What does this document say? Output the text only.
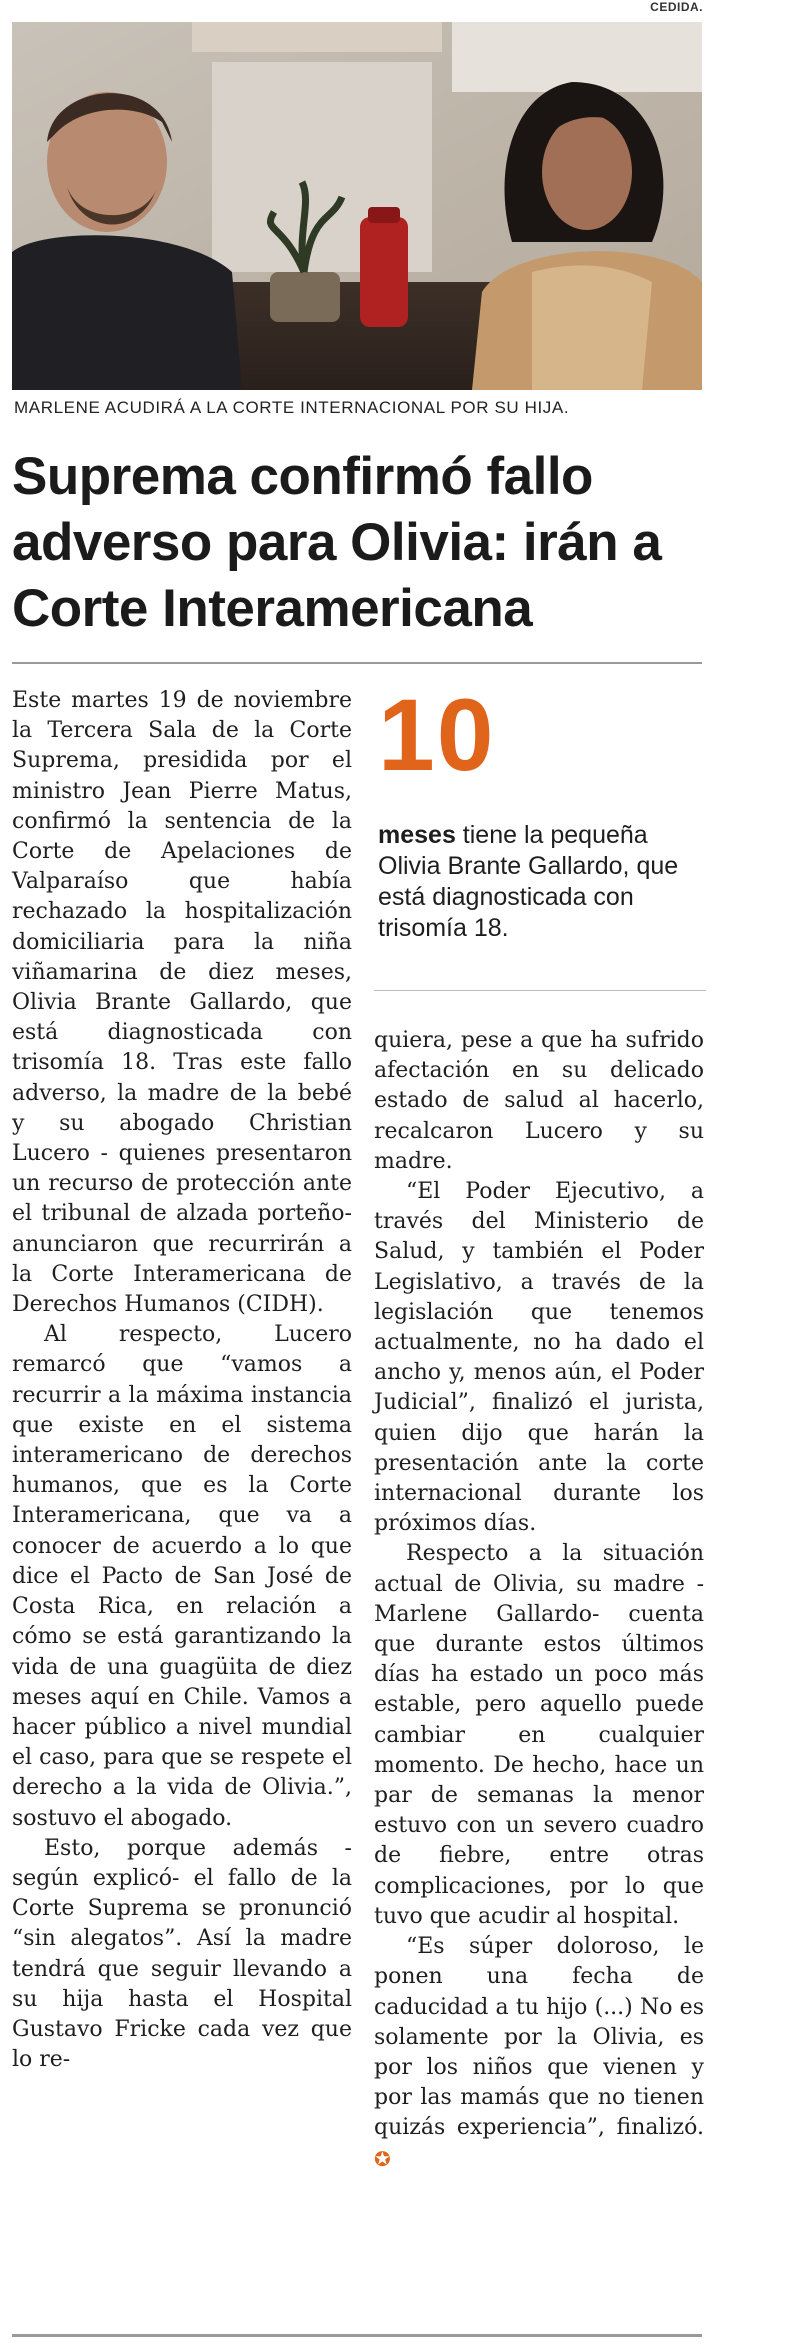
CEDIDA.
MARLENE ACUDIRÁ A LA CORTE INTERNACIONAL POR SU HIJA.
Suprema confirmó fallo adverso para Olivia: irán a Corte Interamericana

Este martes 19 de noviembre la Tercera Sala de la Corte Suprema, presidida por el ministro Jean Pierre Matus, confirmó la sentencia de la Corte de Apelaciones de Valparaíso que había rechazado la hospitalización domiciliaria para la niña viñamarina de diez meses, Olivia Brante Gallardo, que está diagnosticada con trisomía 18. Tras este fallo adverso, la madre de la bebé y su abogado Christian Lucero - quienes presentaron un recurso de protección ante el tribunal de alzada porteño- anunciaron que recurrirán a la Corte Interamericana de Derechos Humanos (CIDH).

Al respecto, Lucero remarcó que “vamos a recurrir a la máxima instancia que existe en el sistema interamericano de derechos humanos, que es la Corte Interamericana, que va a conocer de acuerdo a lo que dice el Pacto de San José de Costa Rica, en relación a cómo se está garantizando la vida de una guagüita de diez meses aquí en Chile. Vamos a hacer público a nivel mundial el caso, para que se respete el derecho a la vida de Olivia.”, sostuvo el abogado.

Esto, porque además -según explicó- el fallo de la Corte Suprema se pronunció “sin alegatos”. Así la madre tendrá que seguir llevando a su hija hasta el Hospital Gustavo Fricke cada vez que lo re-

10
meses tiene la pequeña Olivia Brante Gallardo, que está diagnosticada con trisomía 18.

quiera, pese a que ha sufrido afectación en su delicado estado de salud al hacerlo, recalcaron Lucero y su madre.

“El Poder Ejecutivo, a través del Ministerio de Salud, y también el Poder Legislativo, a través de la legislación que tenemos actualmente, no ha dado el ancho y, menos aún, el Poder Judicial”, finalizó el jurista, quien dijo que harán la presentación ante la corte internacional durante los próximos días.

Respecto a la situación actual de Olivia, su madre -Marlene Gallardo- cuenta que durante estos últimos días ha estado un poco más estable, pero aquello puede cambiar en cualquier momento. De hecho, hace un par de semanas la menor estuvo con un severo cuadro de fiebre, entre otras complicaciones, por lo que tuvo que acudir al hospital.

“Es súper doloroso, le ponen una fecha de caducidad a tu hijo (...) No es solamente por la Olivia, es por los niños que vienen y por las mamás que no tienen quizás experiencia”, finalizó. ✪
